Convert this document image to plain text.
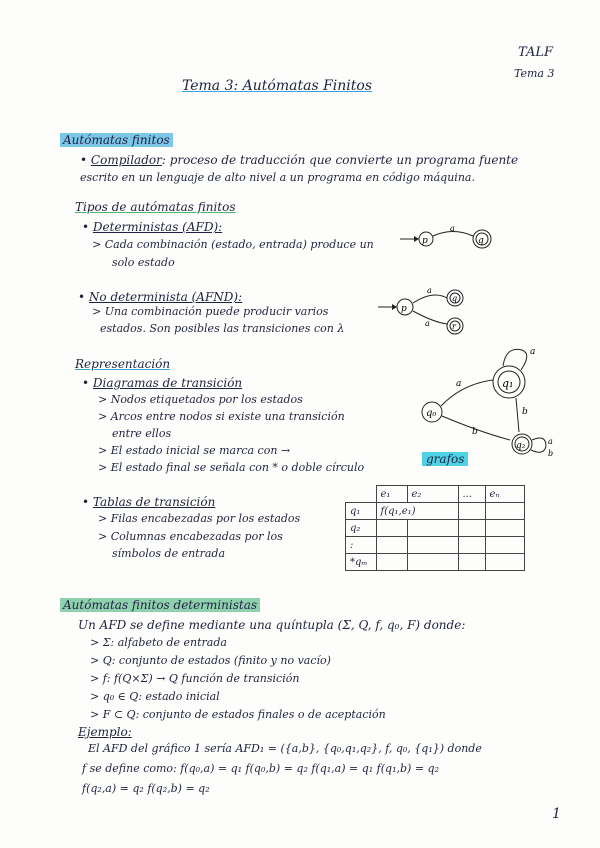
TALF
Tema 3
Tema 3: Autómatas Finitos
Autómatas finitos
• Compilador: proceso de traducción que convierte un programa fuente
escrito en un lenguaje de alto nivel a un programa en código máquina.
Tipos de autómatas finitos
• Deterministas (AFD):
> Cada combinación (estado, entrada) produce un
solo estado
• No determinista (AFND):
> Una combinación puede producir varios
estados. Son posibles las transiciones con λ
Representación
• Diagramas de transición
> Nodos etiquetados por los estados
> Arcos entre nodos si existe una transición
entre ellos
> El estado inicial se marca con →
> El estado final se señala con * o doble círculo
grafos
• Tablas de transición
> Filas encabezadas por los estados
> Columnas encabezadas por los
símbolos de entrada
	e₁	e₂	...	eₙ
q₁	f(q₁,e₁)			
q₂				
:				
*qₘ				
Autómatas finitos deterministas
Un AFD se define mediante una quíntupla (Σ, Q, f, q₀, F) donde:
> Σ: alfabeto de entrada
> Q: conjunto de estados (finito y no vacío)
> f: f(Q×Σ) → Q función de transición
> q₀ ∈ Q: estado inicial
> F ⊂ Q: conjunto de estados finales o de aceptación
Ejemplo:
El AFD del gráfico 1 sería AFD₁ = ({a,b}, {q₀,q₁,q₂}, f, q₀, {q₁}) donde
f se define como: f(q₀,a) = q₁ f(q₀,b) = q₂ f(q₁,a) = q₁ f(q₁,b) = q₂
f(q₂,a) = q₂ f(q₂,b) = q₂
1
p
a
q
p
a
a
q
r
q₁
a
q₀
a
b
b
q₂	a
b
